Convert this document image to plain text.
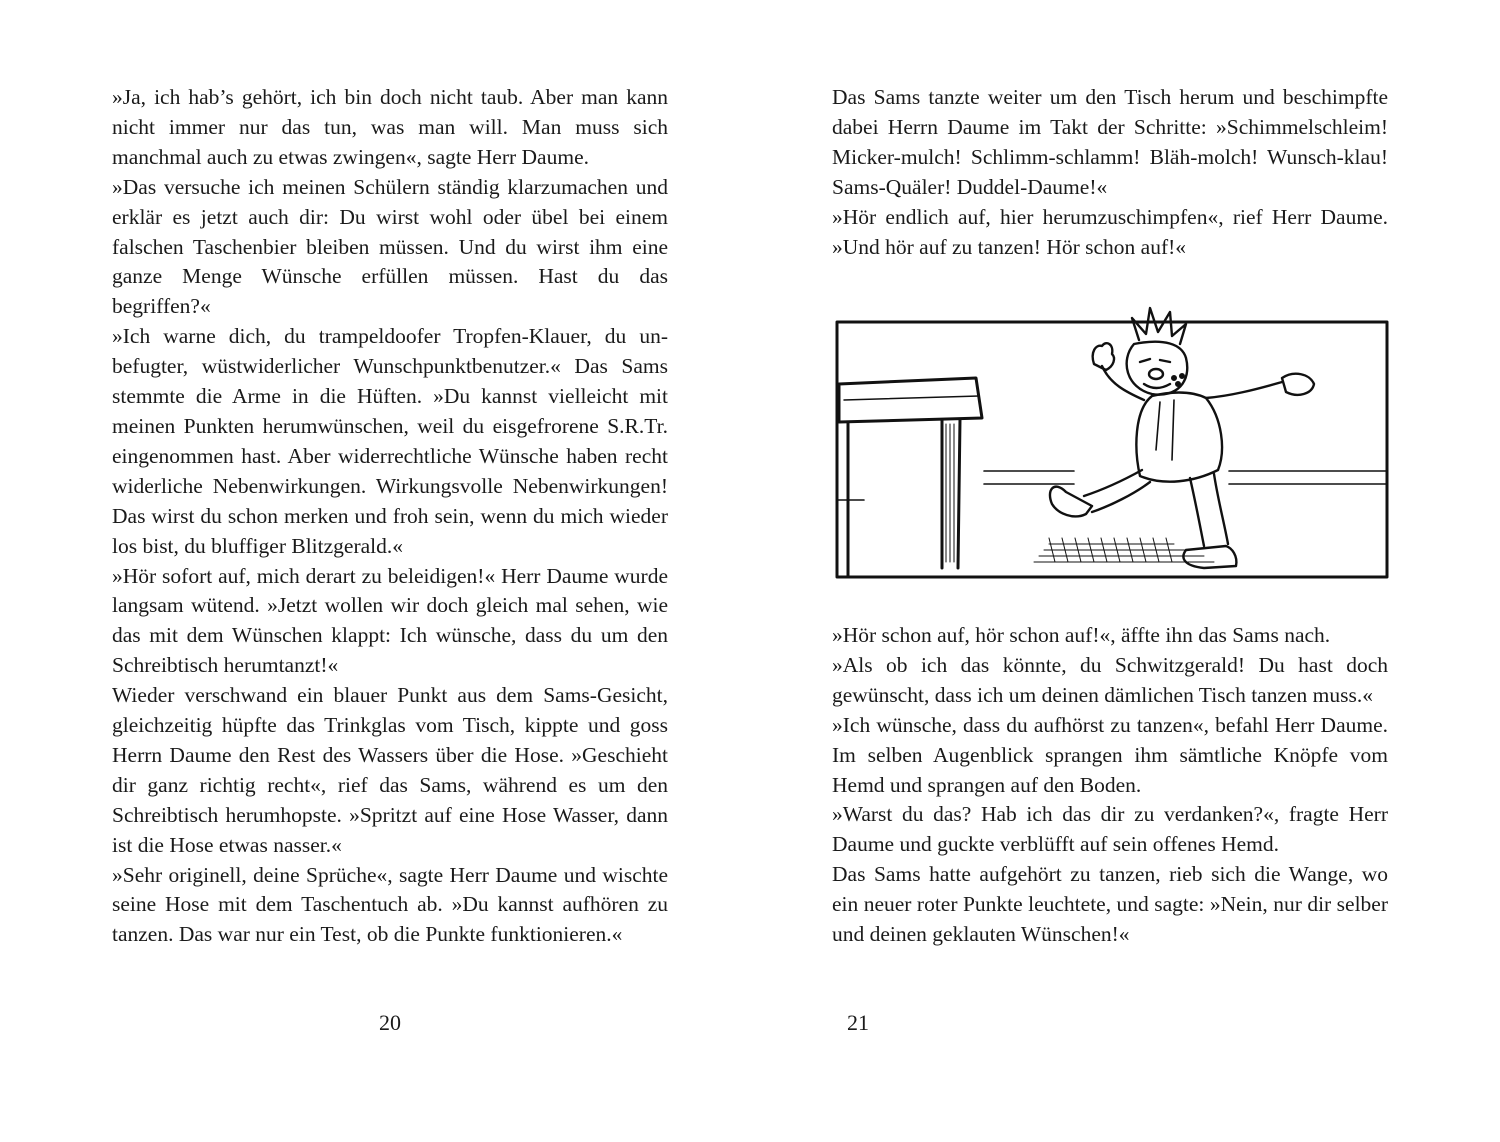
»Ja, ich hab’s gehört, ich bin doch nicht taub. Aber man kann nicht immer nur das tun, was man will. Man muss sich manchmal auch zu etwas zwingen«, sagte Herr Daume.

»Das versuche ich meinen Schülern ständig klarzumachen und erklär es jetzt auch dir: Du wirst wohl oder übel bei einem falschen Taschenbier bleiben müssen. Und du wirst ihm eine ganze Menge Wünsche erfüllen müssen. Hast du das begriffen?«

»Ich warne dich, du trampeldoofer Tropfen-Klauer, du unbefugter, wüstwiderlicher Wunschpunktbenutzer.« Das Sams stemmte die Arme in die Hüften. »Du kannst vielleicht mit meinen Punkten herumwünschen, weil du eisgefrorene S.R.Tr. eingenommen hast. Aber widerrechtliche Wünsche haben recht widerliche Nebenwirkungen. Wirkungsvolle Nebenwirkungen! Das wirst du schon merken und froh sein, wenn du mich wieder los bist, du bluffiger Blitzgerald.«

»Hör sofort auf, mich derart zu beleidigen!« Herr Daume wurde langsam wütend. »Jetzt wollen wir doch gleich mal sehen, wie das mit dem Wünschen klappt: Ich wünsche, dass du um den Schreibtisch herumtanzt!«

Wieder verschwand ein blauer Punkt aus dem Sams-Gesicht, gleichzeitig hüpfte das Trinkglas vom Tisch, kippte und goss Herrn Daume den Rest des Wassers über die Hose. »Geschieht dir ganz richtig recht«, rief das Sams, während es um den Schreibtisch herumhopste. »Spritzt auf eine Hose Wasser, dann ist die Hose etwas nasser.«

»Sehr originell, deine Sprüche«, sagte Herr Daume und wischte seine Hose mit dem Taschentuch ab. »Du kannst aufhören zu tanzen. Das war nur ein Test, ob die Punkte funktionieren.«

20

Das Sams tanzte weiter um den Tisch herum und beschimpfte dabei Herrn Daume im Takt der Schritte: »Schimmelschleim! Micker-mulch! Schlimm-schlamm! Bläh-molch! Wunsch-klau! Sams-Quäler! Duddel-Daume!«

»Hör endlich auf, hier herumzuschimpfen«, rief Herr Daume. »Und hör auf zu tanzen! Hör schon auf!«

»Hör schon auf, hör schon auf!«, äffte ihn das Sams nach.

»Als ob ich das könnte, du Schwitzgerald! Du hast doch gewünscht, dass ich um deinen dämlichen Tisch tanzen muss.«

»Ich wünsche, dass du aufhörst zu tanzen«, befahl Herr Daume. Im selben Augenblick sprangen ihm sämtliche Knöpfe vom Hemd und sprangen auf den Boden.

»Warst du das? Hab ich das dir zu verdanken?«, fragte Herr Daume und guckte verblüfft auf sein offenes Hemd.

Das Sams hatte aufgehört zu tanzen, rieb sich die Wange, wo ein neuer roter Punkte leuchtete, und sagte: »Nein, nur dir selber und deinen geklauten Wünschen!«

21
